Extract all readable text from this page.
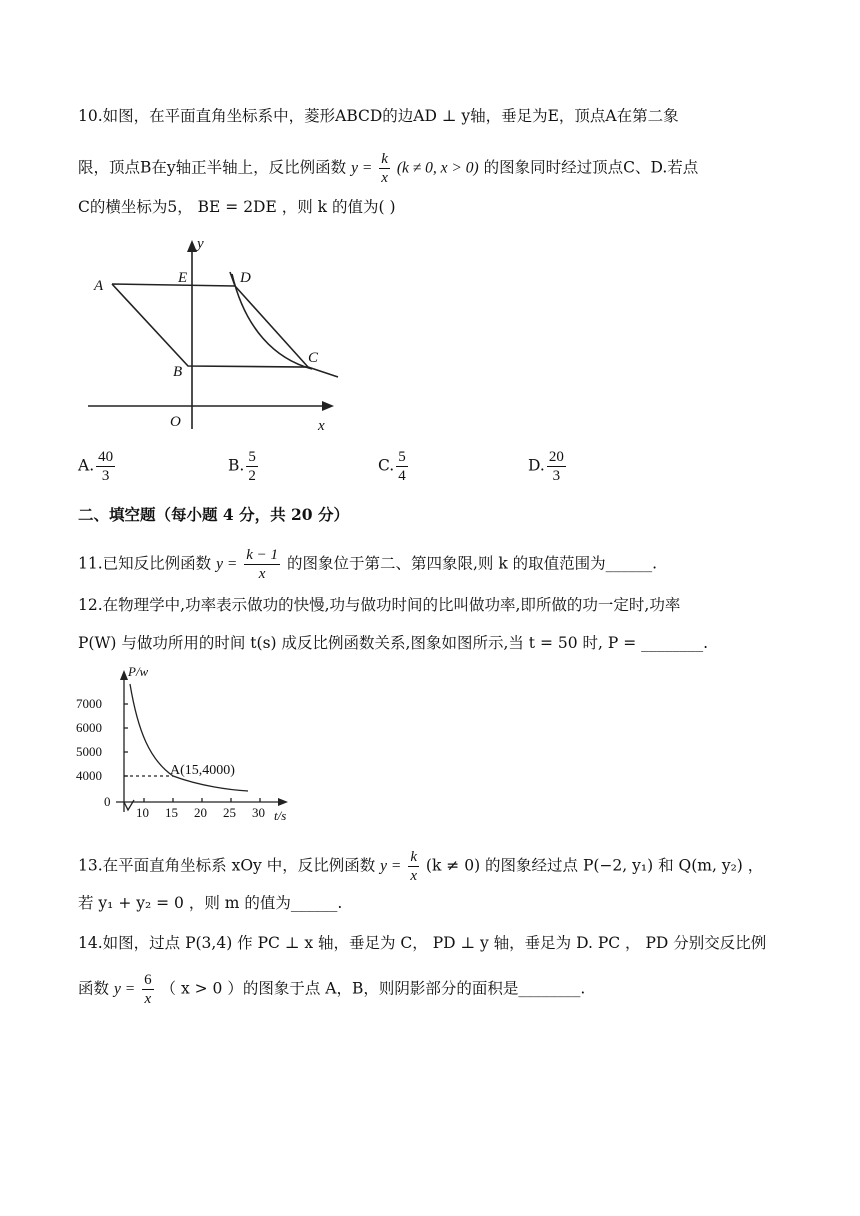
10.如图，在平面直角坐标系中，菱形ABCD的边AD ⊥ y轴，垂足为E，顶点A在第二象
限，顶点B在y轴正半轴上，反比例函数 $y = \frac{k}{x} (k \ne 0$, x > 0) 的图象同时经过顶点C、D.若点
C的横坐标为5， BE = 2DE ，则 k 的值为( )
y
x
A	E	D
B
C
O
A. $\frac{40}{3}$	B. $\frac{5}{2}$	C. $\frac{5}{4}$	D. $\frac{20}{3}$
二、填空题（每小题 4 分，共 20 分）
11.已知反比例函数 $y = \frac{k - 1}{x}$ 的图象位于第二、第四象限,则 k 的取值范围为______.
12.在物理学中,功率表示做功的快慢,功与做功时间的比叫做功率,即所做的功一定时,功率
P(W) 与做功所用的时间 t(s) 成反比例函数关系,图象如图所示,当 t = 50 时, P = ________.
P/w
t/s
7000
6000
5000
4000
0
10 15 20 25 30
A(15,4000)
13.在平面直角坐标系 xOy 中，反比例函数 $y = \frac{k}{x} (k \ne 0)$ 的图象经过点 P(−2, y₁) 和 Q(m, y₂) ，
若 y₁ + y₂ = 0 ，则 m 的值为______.
14.如图，过点 P(3,4) 作 PC ⊥ x 轴，垂足为 C， PD ⊥ y 轴，垂足为 D. PC ， PD 分别交反比例
函数 $y = \frac{6}{x}$ （ x > 0 ）的图象于点 A，B，则阴影部分的面积是________.
